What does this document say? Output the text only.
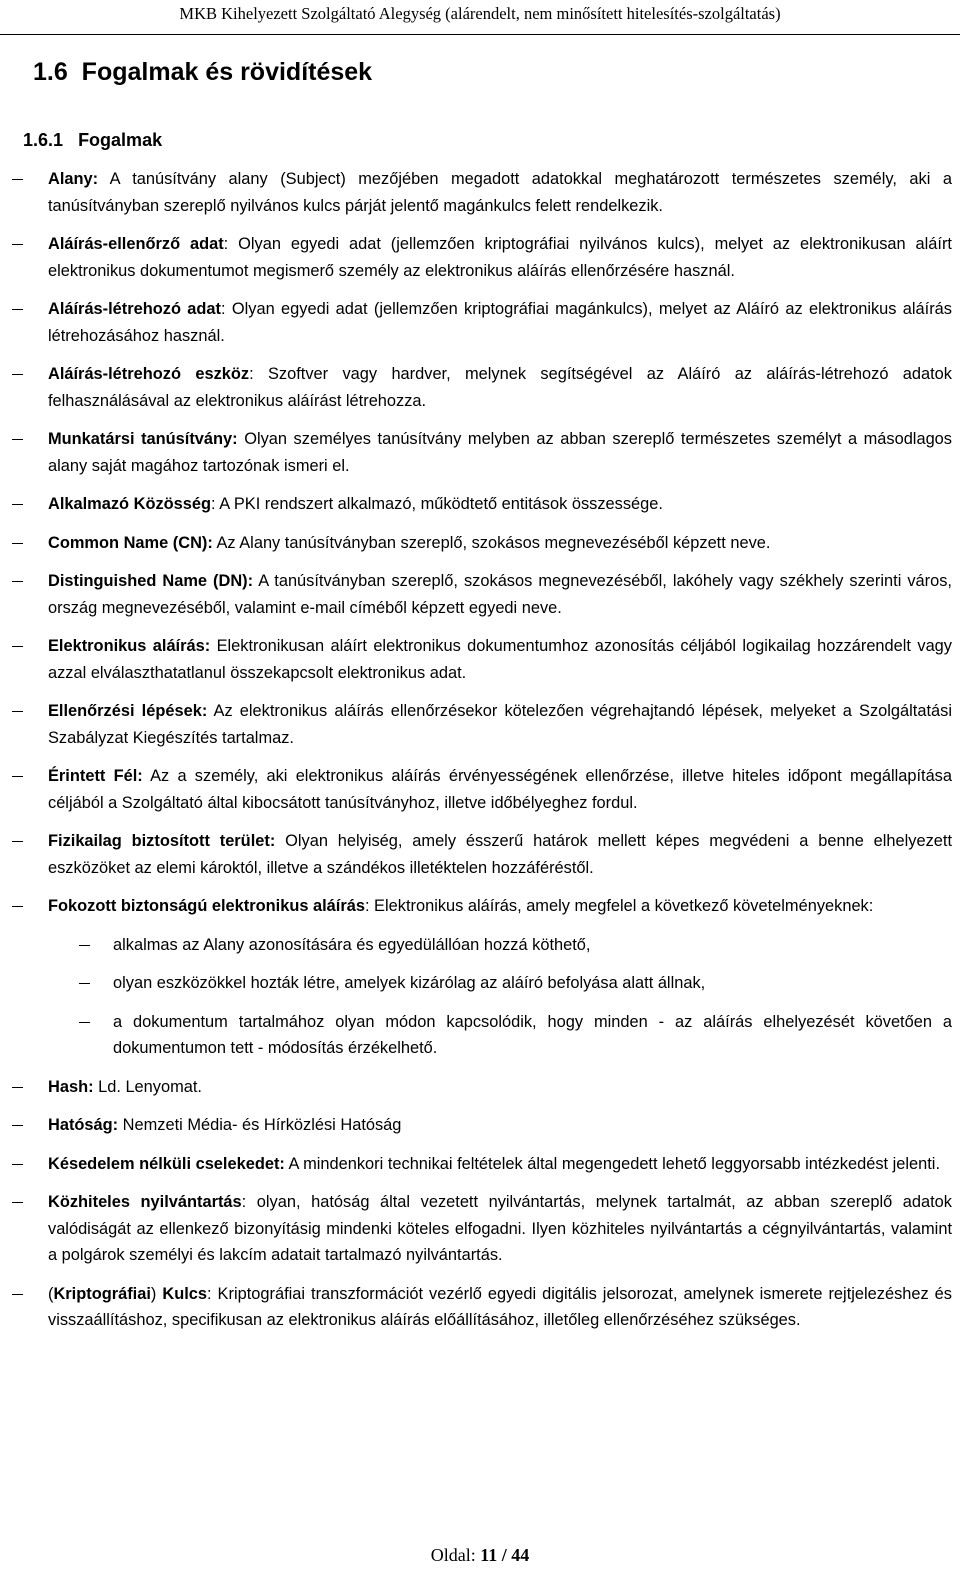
MKB Kihelyezett Szolgáltató Alegység (alárendelt, nem minősített hitelesítés-szolgáltatás)
1.6 Fogalmak és rövidítések
1.6.1 Fogalmak
Alany: A tanúsítvány alany (Subject) mezőjében megadott adatokkal meghatározott természetes személy, aki a tanúsítványban szereplő nyilvános kulcs párját jelentő magánkulcs felett rendelkezik.
Aláírás-ellenőrző adat: Olyan egyedi adat (jellemzően kriptográfiai nyilvános kulcs), melyet az elektronikusan aláírt elektronikus dokumentumot megismerő személy az elektronikus aláírás ellenőrzésére használ.
Aláírás-létrehozó adat: Olyan egyedi adat (jellemzően kriptográfiai magánkulcs), melyet az Aláíró az elektronikus aláírás létrehozásához használ.
Aláírás-létrehozó eszköz: Szoftver vagy hardver, melynek segítségével az Aláíró az aláírás-létrehozó adatok felhasználásával az elektronikus aláírást létrehozza.
Munkatársi tanúsítvány: Olyan személyes tanúsítvány melyben az abban szereplő természetes személyt a másodlagos alany saját magához tartozónak ismeri el.
Alkalmazó Közösség: A PKI rendszert alkalmazó, működtető entitások összessége.
Common Name (CN): Az Alany tanúsítványban szereplő, szokásos megnevezéséből képzett neve.
Distinguished Name (DN): A tanúsítványban szereplő, szokásos megnevezéséből, lakóhely vagy székhely szerinti város, ország megnevezéséből, valamint e-mail címéből képzett egyedi neve.
Elektronikus aláírás: Elektronikusan aláírt elektronikus dokumentumhoz azonosítás céljából logikailag hozzárendelt vagy azzal elválaszthatatlanul összekapcsolt elektronikus adat.
Ellenőrzési lépések: Az elektronikus aláírás ellenőrzésekor kötelezően végrehajtandó lépések, melyeket a Szolgáltatási Szabályzat Kiegészítés tartalmaz.
Érintett Fél: Az a személy, aki elektronikus aláírás érvényességének ellenőrzése, illetve hiteles időpont megállapítása céljából a Szolgáltató által kibocsátott tanúsítványhoz, illetve időbélyeghez fordul.
Fizikailag biztosított terület: Olyan helyiség, amely ésszerű határok mellett képes megvédeni a benne elhelyezett eszközöket az elemi károktól, illetve a szándékos illetéktelen hozzáféréstől.
Fokozott biztonságú elektronikus aláírás: Elektronikus aláírás, amely megfelel a következő követelményeknek:
alkalmas az Alany azonosítására és egyedülállóan hozzá köthető,
olyan eszközökkel hozták létre, amelyek kizárólag az aláíró befolyása alatt állnak,
a dokumentum tartalmához olyan módon kapcsolódik, hogy minden - az aláírás elhelyezését követően a dokumentumon tett - módosítás érzékelhető.
Hash: Ld. Lenyomat.
Hatóság: Nemzeti Média- és Hírközlési Hatóság
Késedelem nélküli cselekedet: A mindenkori technikai feltételek által megengedett lehető leggyorsabb intézkedést jelenti.
Közhiteles nyilvántartás: olyan, hatóság által vezetett nyilvántartás, melynek tartalmát, az abban szereplő adatok valódiságát az ellenkező bizonyításig mindenki köteles elfogadni. Ilyen közhiteles nyilvántartás a cégnyilvántartás, valamint a polgárok személyi és lakcím adatait tartalmazó nyilvántartás.
(Kriptográfiai) Kulcs: Kriptográfiai transzformációt vezérlő egyedi digitális jelsorozat, amelynek ismerete rejtjelezéshez és visszaállításhoz, specifikusan az elektronikus aláírás előállításához, illetőleg ellenőrzéséhez szükséges.
Oldal: 11 / 44
